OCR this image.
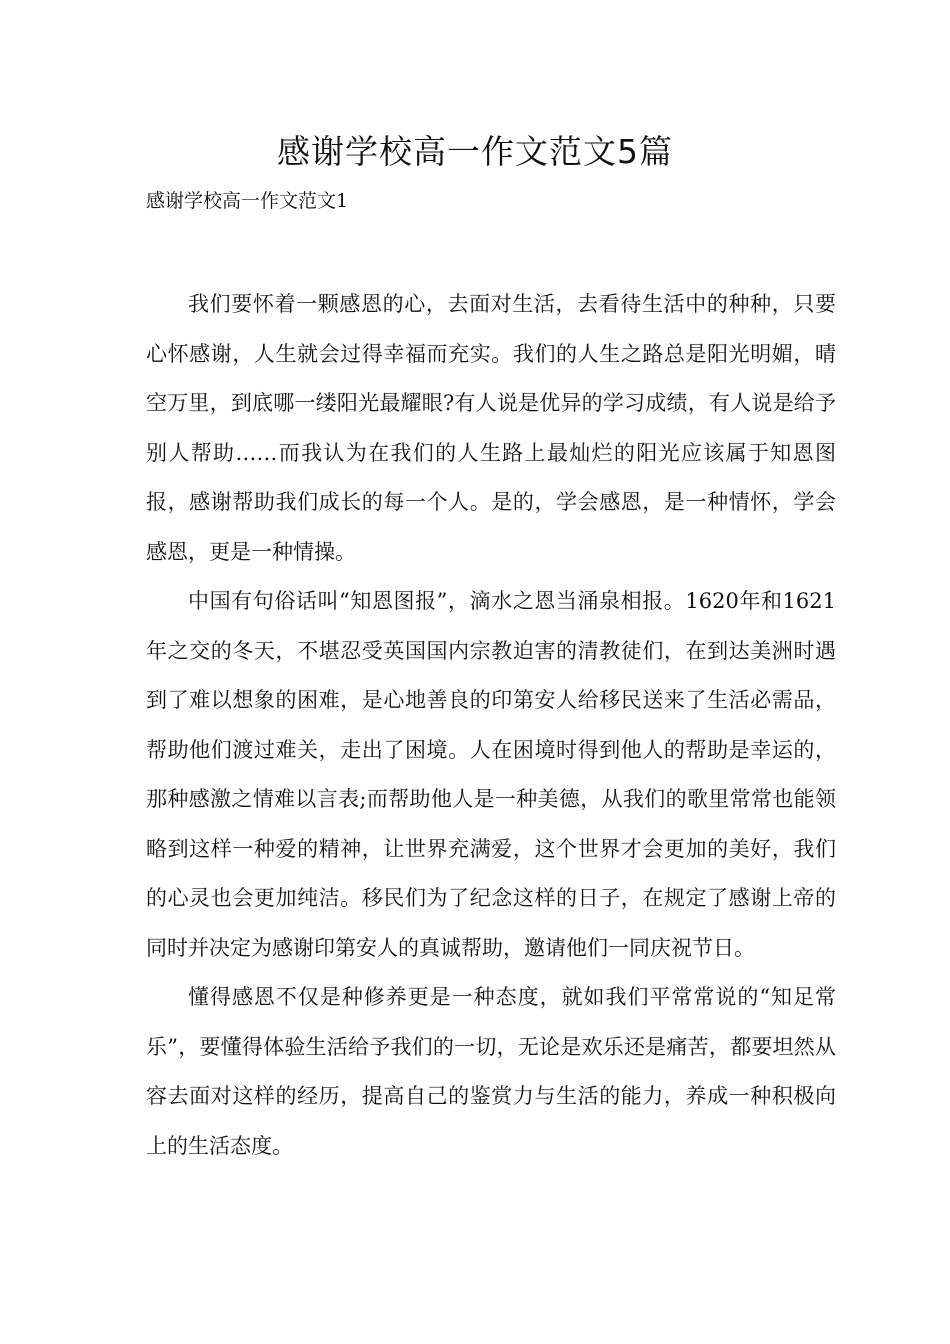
感谢学校高一作文范文5篇

感谢学校高一作文范文1

我们要怀着一颗感恩的心，去面对生活，去看待生活中的种种，只要心怀感谢，人生就会过得幸福而充实。我们的人生之路总是阳光明媚，晴空万里，到底哪一缕阳光最耀眼?有人说是优异的学习成绩，有人说是给予别人帮助……而我认为在我们的人生路上最灿烂的阳光应该属于知恩图报，感谢帮助我们成长的每一个人。是的，学会感恩，是一种情怀，学会感恩，更是一种情操。

中国有句俗话叫“知恩图报”，滴水之恩当涌泉相报。1620年和1621年之交的冬天，不堪忍受英国国内宗教迫害的清教徒们，在到达美洲时遇到了难以想象的困难，是心地善良的印第安人给移民送来了生活必需品，帮助他们渡过难关，走出了困境。人在困境时得到他人的帮助是幸运的，那种感激之情难以言表;而帮助他人是一种美德，从我们的歌里常常也能领略到这样一种爱的精神，让世界充满爱，这个世界才会更加的美好，我们的心灵也会更加纯洁。移民们为了纪念这样的日子，在规定了感谢上帝的同时并决定为感谢印第安人的真诚帮助，邀请他们一同庆祝节日。

懂得感恩不仅是种修养更是一种态度，就如我们平常常说的“知足常乐”，要懂得体验生活给予我们的一切，无论是欢乐还是痛苦，都要坦然从容去面对这样的经历，提高自己的鉴赏力与生活的能力，养成一种积极向上的生活态度。
